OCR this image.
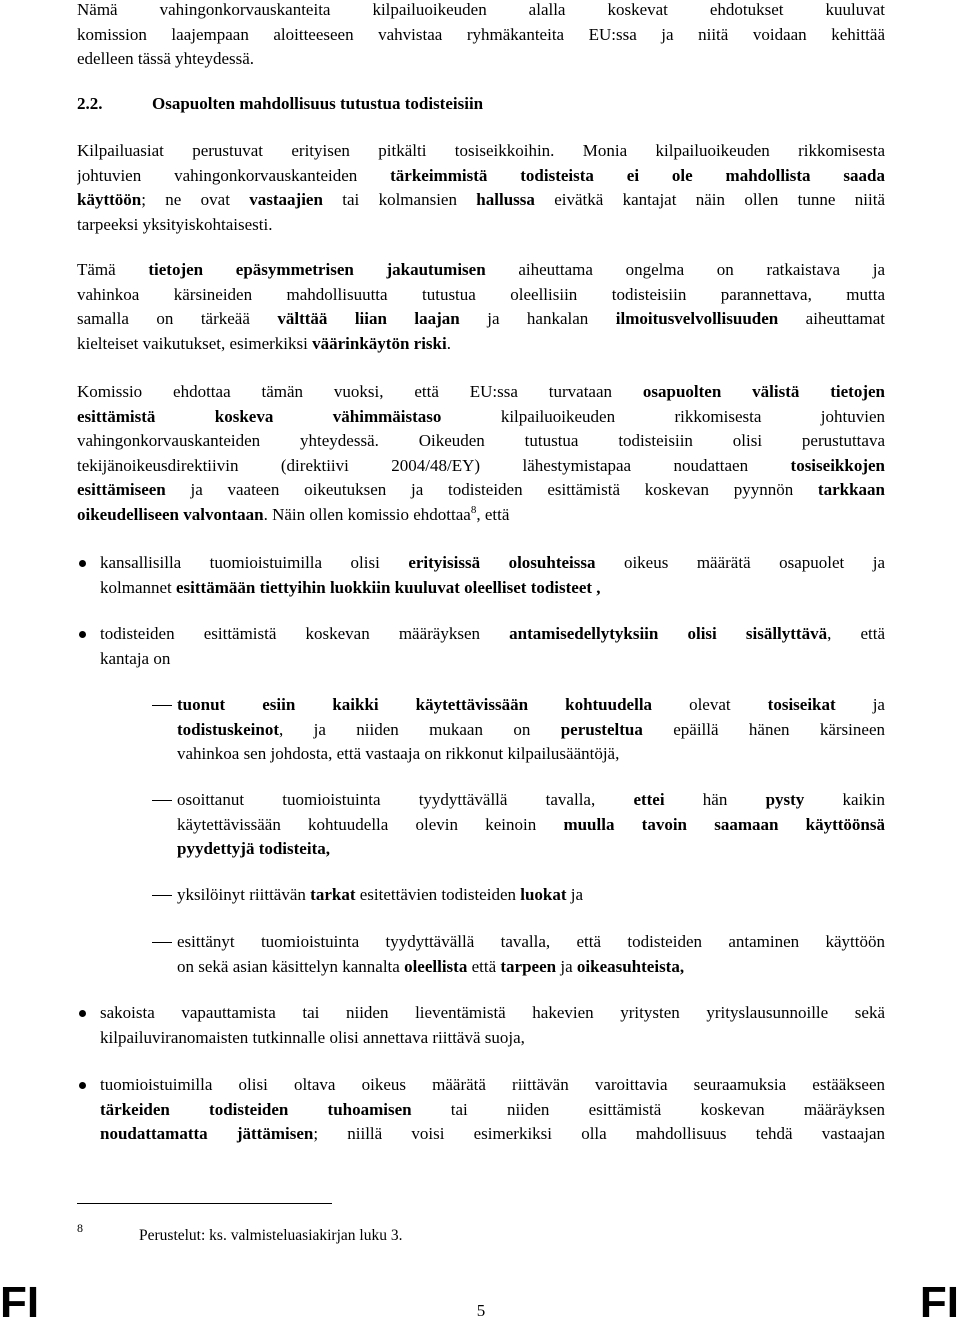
Nämä vahingonkorvauskanteita kilpailuoikeuden alalla koskevat ehdotukset kuuluvat
komission laajempaan aloitteeseen vahvistaa ryhmäkanteita EU:ssa ja niitä voidaan kehittää
edelleen tässä yhteydessä.
2.2.	Osapuolten mahdollisuus tutustua todisteisiin
Kilpailuasiat perustuvat erityisen pitkälti tosiseikkoihin. Monia kilpailuoikeuden rikkomisesta
johtuvien vahingonkorvauskanteiden tärkeimmistä todisteista ei ole mahdollista saada
käyttöön; ne ovat vastaajien tai kolmansien hallussa eivätkä kantajat näin ollen tunne niitä
tarpeeksi yksityiskohtaisesti.
Tämä tietojen epäsymmetrisen jakautumisen aiheuttama ongelma on ratkaistava ja
vahinkoa kärsineiden mahdollisuutta tutustua oleellisiin todisteisiin parannettava, mutta
samalla on tärkeää välttää liian laajan ja hankalan ilmoitusvelvollisuuden aiheuttamat
kielteiset vaikutukset, esimerkiksi väärinkäytön riski.
Komissio ehdottaa tämän vuoksi, että EU:ssa turvataan osapuolten välistä tietojen
esittämistä koskeva vähimmäistaso kilpailuoikeuden rikkomisesta johtuvien
vahingonkorvauskanteiden yhteydessä. Oikeuden tutustua todisteisiin olisi perustuttava
tekijänoikeusdirektiivin (direktiivi 2004/48/EY) lähestymistapaa noudattaen tosiseikkojen
esittämiseen ja vaateen oikeutuksen ja todisteiden esittämistä koskevan pyynnön tarkkaan
oikeudelliseen valvontaan. Näin ollen komissio ehdottaa$^8$, että
kansallisilla tuomioistuimilla olisi erityisissä olosuhteissa oikeus määrätä osapuolet ja
kolmannet esittämään tiettyihin luokkiin kuuluvat oleelliset todisteet ,
todisteiden esittämistä koskevan määräyksen antamisedellytyksiin olisi sisällyttävä, että
kantaja on
tuonut esiin kaikki käytettävissään kohtuudella olevat tosiseikat ja
todistuskeinot, ja niiden mukaan on perusteltua epäillä hänen kärsineen
vahinkoa sen johdosta, että vastaaja on rikkonut kilpailusääntöjä,
osoittanut tuomioistuinta tyydyttävällä tavalla, ettei hän pysty kaikin
käytettävissään kohtuudella olevin keinoin muulla tavoin saamaan käyttöönsä
pyydettyjä todisteita,
yksilöinyt riittävän tarkat esitettävien todisteiden luokat ja
esittänyt tuomioistuinta tyydyttävällä tavalla, että todisteiden antaminen käyttöön
on sekä asian käsittelyn kannalta oleellista että tarpeen ja oikeasuhteista,
sakoista vapauttamista tai niiden lieventämistä hakevien yritysten yrityslausunnoille sekä
kilpailuviranomaisten tutkinnalle olisi annettava riittävä suoja,
tuomioistuimilla olisi oltava oikeus määrätä riittävän varoittavia seuraamuksia estääkseen
tärkeiden todisteiden tuhoamisen tai niiden esittämistä koskevan määräyksen
noudattamatta jättämisen; niillä voisi esimerkiksi olla mahdollisuus tehdä vastaajan
8	Perustelut: ks. valmisteluasiakirjan luku 3.
FI	5	FI
